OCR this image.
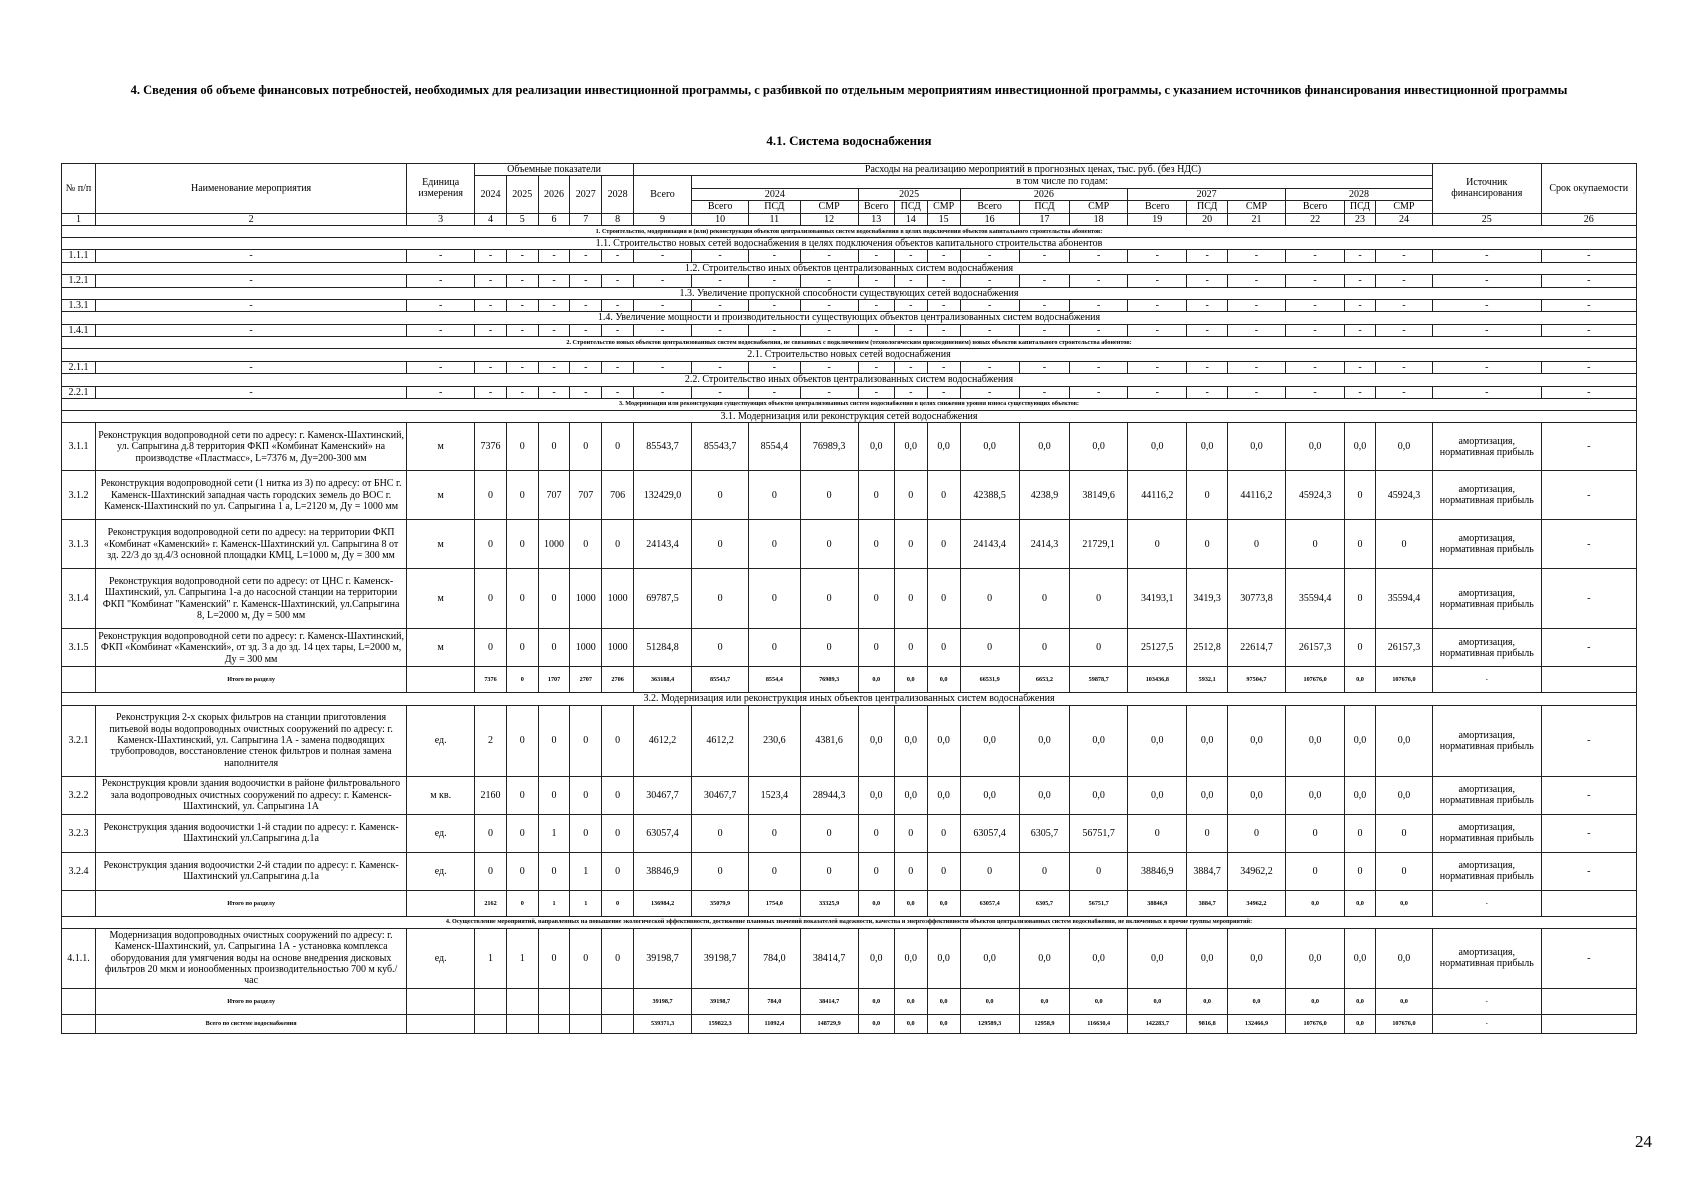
4. Сведения об объеме финансовых потребностей, необходимых для реализации инвестиционной программы, с разбивкой по отдельным мероприятиям инвестиционной программы, с указанием источников финансирования инвестиционной программы
4.1. Система водоснабжения
№ п/п	Наименование мероприятия	Единица измерения	Объемные показатели					Расходы на реализацию мероприятий в прогнозных ценах, тыс. руб. (без НДС)																Источник финансирования	Срок окупаемости
			2024	2025	2026	2027	2028	Всего	в том числе по годам:																
									2024			2025			2026			2027			2028				
									Всего	ПСД	СМР	Всего	ПСД	СМР	Всего	ПСД	СМР	Всего	ПСД	СМР	Всего	ПСД	СМР		
1	2	3	4	5	6	7	8	9	10	11	12	13	14	15	16	17	18	19	20	21	22	23	24	25	26
1. Строительство, модернизация и (или) реконструкция объектов централизованных систем водоснабжения в целях подключения объектов капитального строительства абонентов:																									
1.1. Строительство новых сетей водоснабжения в целях подключения объектов капитального строительства абонентов																									
1.1.1	-	-	-	-	-	-	-	-	-	-	-	-	-	-	-	-	-	-	-	-	-	-	-	-	-
1.2. Строительство иных объектов централизованных систем водоснабжения																									
1.2.1	-	-	-	-	-	-	-	-	-	-	-	-	-	-	-	-	-	-	-	-	-	-	-	-	-
1.3. Увеличение пропускной способности существующих сетей водоснабжения																									
1.3.1	-	-	-	-	-	-	-	-	-	-	-	-	-	-	-	-	-	-	-	-	-	-	-	-	-
1.4. Увеличение мощности и производительности существующих объектов централизованных систем водоснабжения																									
1.4.1	-	-	-	-	-	-	-	-	-	-	-	-	-	-	-	-	-	-	-	-	-	-	-	-	-
2. Строительство новых объектов централизованных систем водоснабжения, не связанных с подключением (технологическим присоединением) новых объектов капитального строительства абонентов:																									
2.1. Строительство новых сетей водоснабжения																									
2.1.1	-	-	-	-	-	-	-	-	-	-	-	-	-	-	-	-	-	-	-	-	-	-	-	-	-
2.2. Строительство иных объектов централизованных систем водоснабжения																									
2.2.1	-	-	-	-	-	-	-	-	-	-	-	-	-	-	-	-	-	-	-	-	-	-	-	-	-
3. Модернизация или реконструкция существующих объектов централизованных систем водоснабжения в целях снижения уровня износа существующих объектов:																									
3.1. Модернизация или реконструкция сетей водоснабжения																									
3.1.1	Реконструкция водопроводной сети по адресу: г. Каменск-Шахтинский, ул. Сапрыгина д.8 территория ФКП «Комбинат Каменский» на производстве «Пластмасс», L=7376 м, Ду=200-300 мм	м	7376	0	0	0	0	85543,7	85543,7	8554,4	76989,3	0,0	0,0	0,0	0,0	0,0	0,0	0,0	0,0	0,0	0,0	0,0	0,0	амортизация, нормативная прибыль	-
3.1.2	Реконструкция водопроводной сети (1 нитка из 3) по адресу: от БНС г. Каменск-Шахтинский западная часть городских земель до ВОС г. Каменск-Шахтинский по ул. Сапрыгина 1 а, L=2120 м, Ду = 1000 мм	м	0	0	707	707	706	132429,0	0	0	0	0	0	0	42388,5	4238,9	38149,6	44116,2	0	44116,2	45924,3	0	45924,3	амортизация, нормативная прибыль	-
3.1.3	Реконструкция водопроводной сети по адресу: на территории ФКП «Комбинат «Каменский» г. Каменск-Шахтинский ул. Сапрыгина 8 от зд. 22/3 до зд.4/3 основной площадки КМЦ, L=1000 м, Ду = 300 мм	м	0	0	1000	0	0	24143,4	0	0	0	0	0	0	24143,4	2414,3	21729,1	0	0	0	0	0	0	амортизация, нормативная прибыль	-
3.1.4	Реконструкция водопроводной сети по адресу: от ЦНС г. Каменск-Шахтинский, ул. Сапрыгина 1-а до насосной станции на территории ФКП "Комбинат "Каменский" г. Каменск-Шахтинский, ул.Сапрыгина 8, L=2000 м, Ду = 500 мм	м	0	0	0	1000	1000	69787,5	0	0	0	0	0	0	0	0	0	34193,1	3419,3	30773,8	35594,4	0	35594,4	амортизация, нормативная прибыль	-
3.1.5	Реконструкция водопроводной сети по адресу: г. Каменск-Шахтинский, ФКП «Комбинат «Каменский», от зд. 3 а до зд. 14 цех тары, L=2000 м, Ду = 300 мм	м	0	0	0	1000	1000	51284,8	0	0	0	0	0	0	0	0	0	25127,5	2512,8	22614,7	26157,3	0	26157,3	амортизация, нормативная прибыль	-
	Итого по разделу		7376	0	1707	2707	2706	363188,4	85543,7	8554,4	76989,3	0,0	0,0	0,0	66531,9	6653,2	59878,7	103436,8	5932,1	97504,7	107676,0	0,0	107676,0	-	
3.2. Модернизация или реконструкция иных объектов централизованных систем водоснабжения																									
3.2.1	Реконструкция 2-х скорых фильтров на станции приготовления питьевой воды водопроводных очистных сооружений по адресу: г. Каменск-Шахтинский, ул. Сапрыгина 1А - замена подводящих трубопроводов, восстановление стенок фильтров и полная замена наполнителя	ед.	2	0	0	0	0	4612,2	4612,2	230,6	4381,6	0,0	0,0	0,0	0,0	0,0	0,0	0,0	0,0	0,0	0,0	0,0	0,0	амортизация, нормативная прибыль	-
3.2.2	Реконструкция кровли здания водоочистки в районе фильтровального зала водопроводных очистных сооружений по адресу: г. Каменск-Шахтинский, ул. Сапрыгина 1А	м кв.	2160	0	0	0	0	30467,7	30467,7	1523,4	28944,3	0,0	0,0	0,0	0,0	0,0	0,0	0,0	0,0	0,0	0,0	0,0	0,0	амортизация, нормативная прибыль	-
3.2.3	Реконструкция здания водоочистки 1-й стадии по адресу: г. Каменск-Шахтинский ул.Сапрыгина д.1а	ед.	0	0	1	0	0	63057,4	0	0	0	0	0	0	63057,4	6305,7	56751,7	0	0	0	0	0	0	амортизация, нормативная прибыль	-
3.2.4	Реконструкция здания водоочистки 2-й стадии по адресу: г. Каменск-Шахтинский ул.Сапрыгина д.1а	ед.	0	0	0	1	0	38846,9	0	0	0	0	0	0	0	0	0	38846,9	3884,7	34962,2	0	0	0	амортизация, нормативная прибыль	-
	Итого по разделу		2162	0	1	1	0	136984,2	35079,9	1754,0	33325,9	0,0	0,0	0,0	63057,4	6305,7	56751,7	38846,9	3884,7	34962,2	0,0	0,0	0,0	-	
4. Осуществление мероприятий, направленных на повышение экологической эффективности, достижение плановых значений показателей надежности, качества и энергоэффективности объектов централизованных систем водоснабжения, не включенных в прочие группы мероприятий:																									
4.1.1.	Модернизация водопроводных очистных сооружений по адресу: г. Каменск-Шахтинский, ул. Сапрыгина 1А - установка комплекса оборудования для умягчения воды на основе внедрения дисковых фильтров 20 мкм и ионообменных производительностью 700 м куб./час	ед.	1	1	0	0	0	39198,7	39198,7	784,0	38414,7	0,0	0,0	0,0	0,0	0,0	0,0	0,0	0,0	0,0	0,0	0,0	0,0	амортизация, нормативная прибыль	-
	Итого по разделу							39198,7	39198,7	784,0	38414,7	0,0	0,0	0,0	0,0	0,0	0,0	0,0	0,0	0,0	0,0	0,0	0,0	-	
	Всего по системе водоснабжения							539371,3	159822,3	11092,4	148729,9	0,0	0,0	0,0	129589,3	12958,9	116630,4	142283,7	9816,8	132466,9	107676,0	0,0	107676,0	-	
24
